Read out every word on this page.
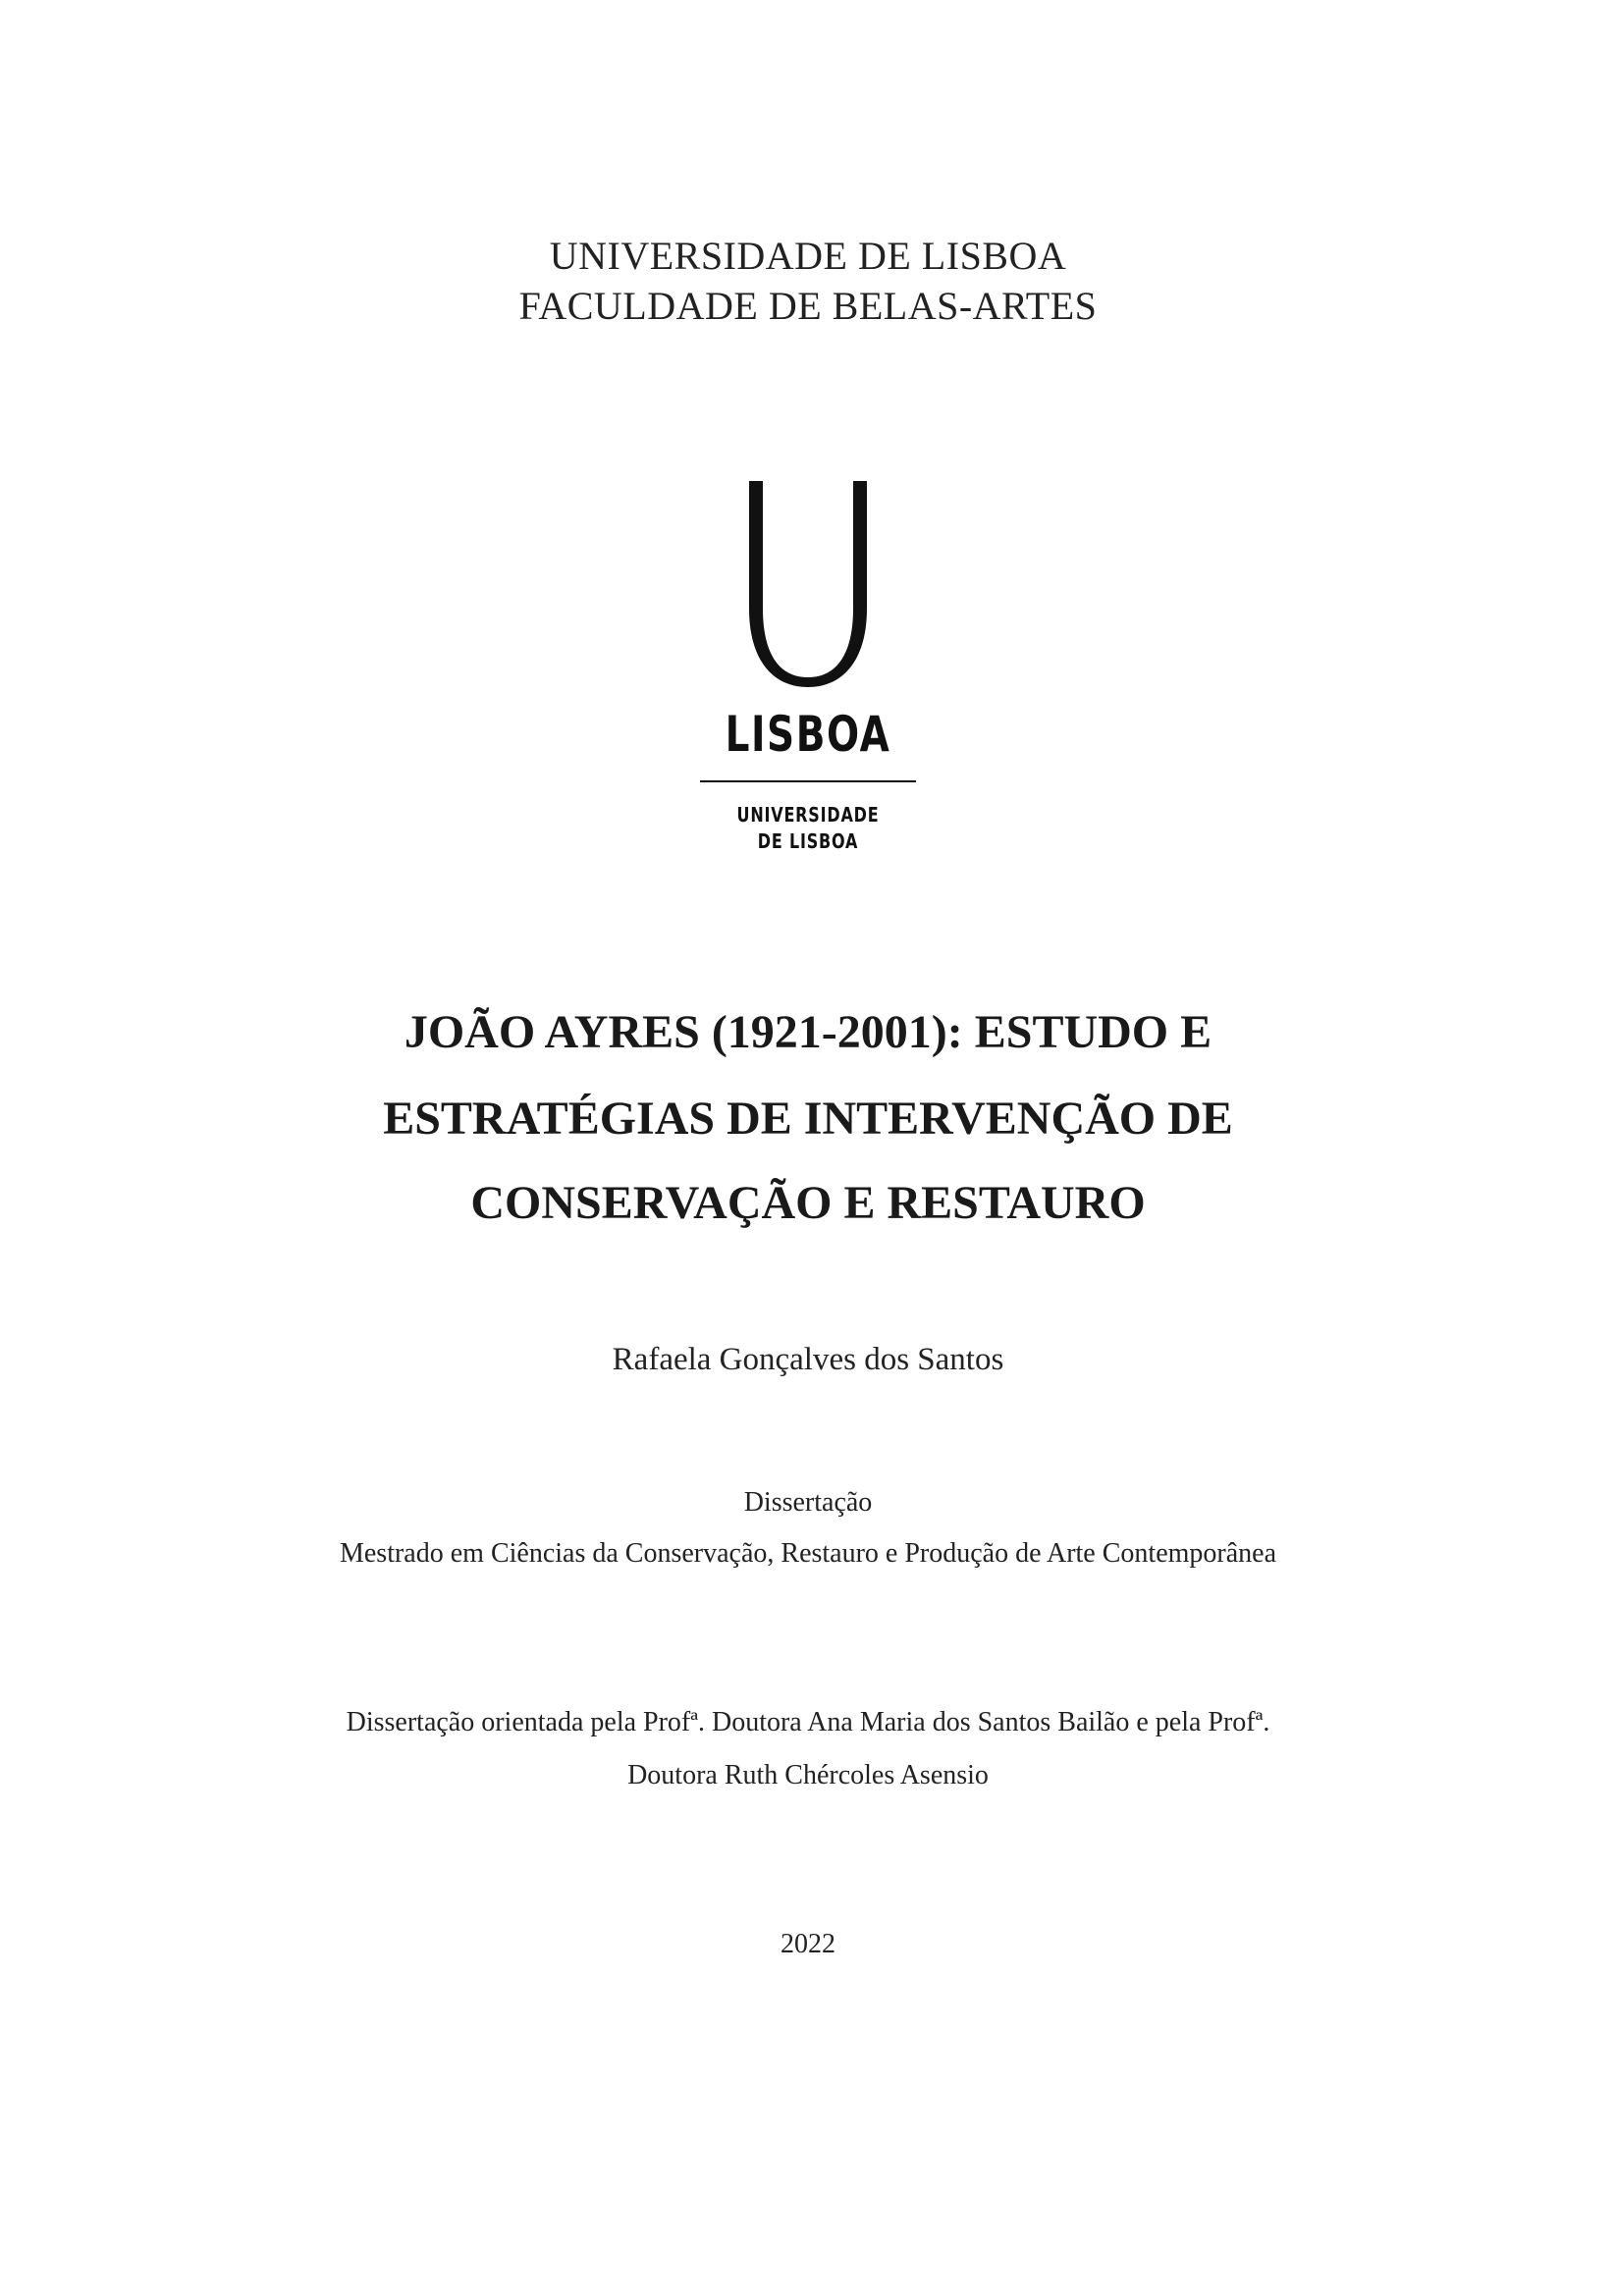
UNIVERSIDADE DE LISBOA
FACULDADE DE BELAS-ARTES
LISBOA
UNIVERSIDADE
DE LISBOA
JOÃO AYRES (1921-2001): ESTUDO E
ESTRATÉGIAS DE INTERVENÇÃO DE
CONSERVAÇÃO E RESTAURO
Rafaela Gonçalves dos Santos
Dissertação
Mestrado em Ciências da Conservação, Restauro e Produção de Arte Contemporânea
Dissertação orientada pela Profª. Doutora Ana Maria dos Santos Bailão e pela Profª.
Doutora Ruth Chércoles Asensio
2022
